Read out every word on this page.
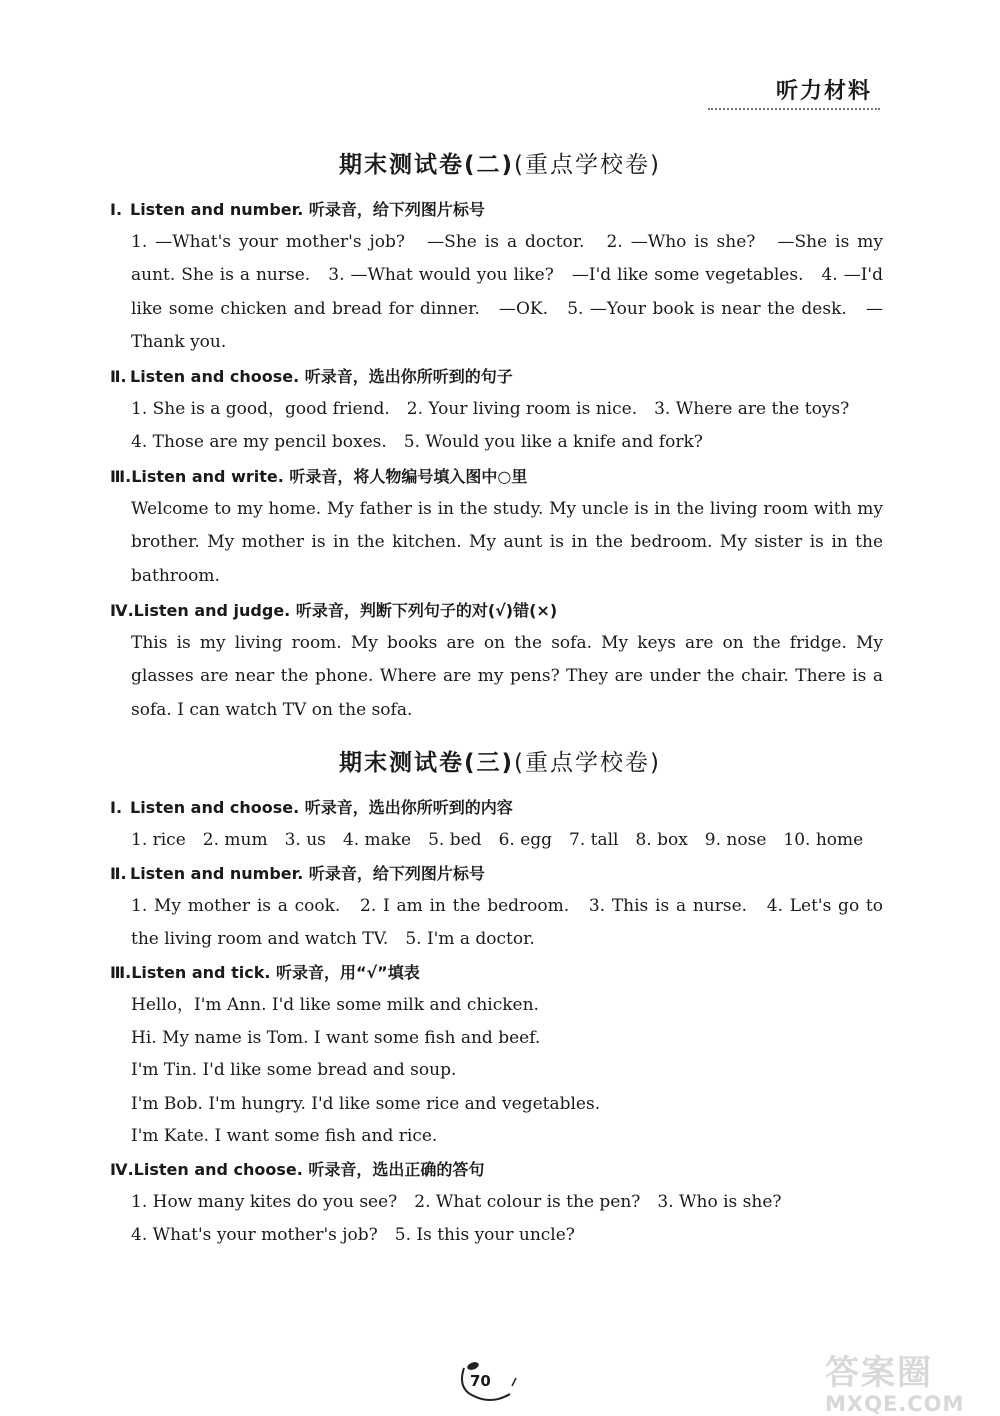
听力材料
期末测试卷(二)(重点学校卷)
Ⅰ. Listen and number. 听录音，给下列图片标号
1. —What's your mother's job?　—She is a doctor.　2. —Who is she?　—She is my aunt. She is a nurse.　3. —What would you like?　—I'd like some vegetables.　4. —I'd like some chicken and bread for dinner.　—OK.　5. —Your book is near the desk.　—Thank you.
Ⅱ. Listen and choose. 听录音，选出你所听到的句子
1. She is a good，good friend.　2. Your living room is nice.　3. Where are the toys?
4. Those are my pencil boxes.　5. Would you like a knife and fork?
Ⅲ.Listen and write. 听录音，将人物编号填入图中○里
Welcome to my home. My father is in the study. My uncle is in the living room with my brother. My mother is in the kitchen. My aunt is in the bedroom. My sister is in the bathroom.
Ⅳ.Listen and judge. 听录音，判断下列句子的对(√)错(×)
This is my living room. My books are on the sofa. My keys are on the fridge. My glasses are near the phone. Where are my pens? They are under the chair. There is a sofa. I can watch TV on the sofa.
期末测试卷(三)(重点学校卷)
Ⅰ. Listen and choose. 听录音，选出你所听到的内容
1. rice　2. mum　3. us　4. make　5. bed　6. egg　7. tall　8. box　9. nose　10. home
Ⅱ. Listen and number. 听录音，给下列图片标号
1. My mother is a cook.　2. I am in the bedroom.　3. This is a nurse.　4. Let's go to the living room and watch TV.　5. I'm a doctor.
Ⅲ.Listen and tick. 听录音，用“√”填表
Hello，I'm Ann. I'd like some milk and chicken.
Hi. My name is Tom. I want some fish and beef.
I'm Tin. I'd like some bread and soup.
I'm Bob. I'm hungry. I'd like some rice and vegetables.
I'm Kate. I want some fish and rice.
Ⅳ.Listen and choose. 听录音，选出正确的答句
1. How many kites do you see?　2. What colour is the pen?　3. Who is she?
4. What's your mother's job?　5. Is this your uncle?
70	答案圈
MXQE.COM
